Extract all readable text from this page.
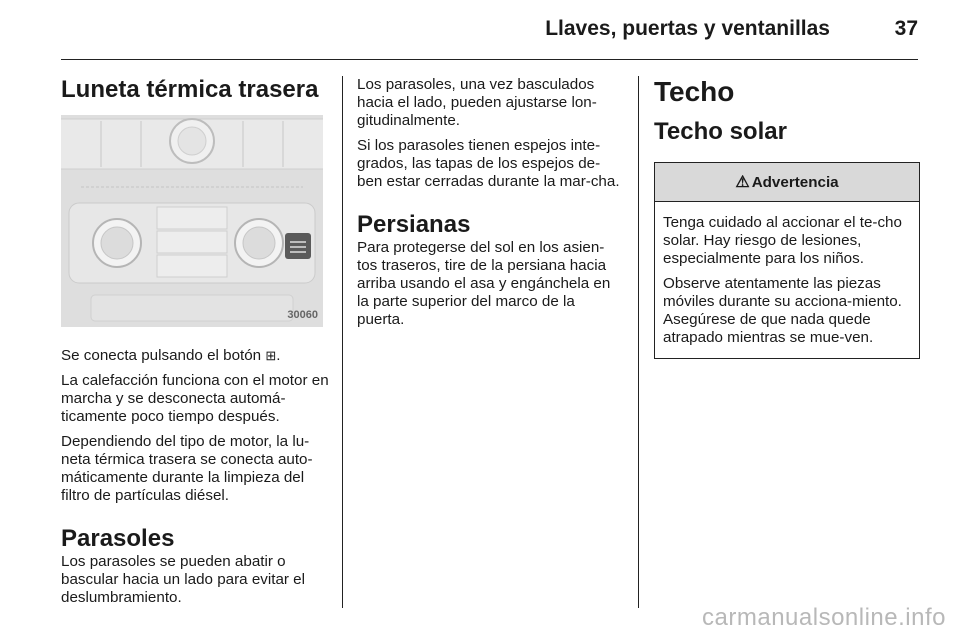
Llaves, puertas y ventanillas	37
Luneta térmica trasera
30060

Se conecta pulsando el botón ⊞.

La calefacción funciona con el motor en marcha y se desconecta automá-ticamente poco tiempo después.

Dependiendo del tipo de motor, la lu-neta térmica trasera se conecta auto-máticamente durante la limpieza del filtro de partículas diésel.

Parasoles

Los parasoles se pueden abatir o bascular hacia un lado para evitar el deslumbramiento.

Los parasoles, una vez basculados hacia el lado, pueden ajustarse lon-gitudinalmente.

Si los parasoles tienen espejos inte-grados, las tapas de los espejos de-ben estar cerradas durante la mar-cha.

Persianas

Para protegerse del sol en los asien-tos traseros, tire de la persiana hacia arriba usando el asa y engánchela en la parte superior del marco de la puerta.

Techo
Techo solar
⚠ Advertencia

Tenga cuidado al accionar el te-cho solar. Hay riesgo de lesiones, especialmente para los niños.

Observe atentamente las piezas móviles durante su acciona-miento. Asegúrese de que nada quede atrapado mientras se mue-ven.

carmanualsonline.info
